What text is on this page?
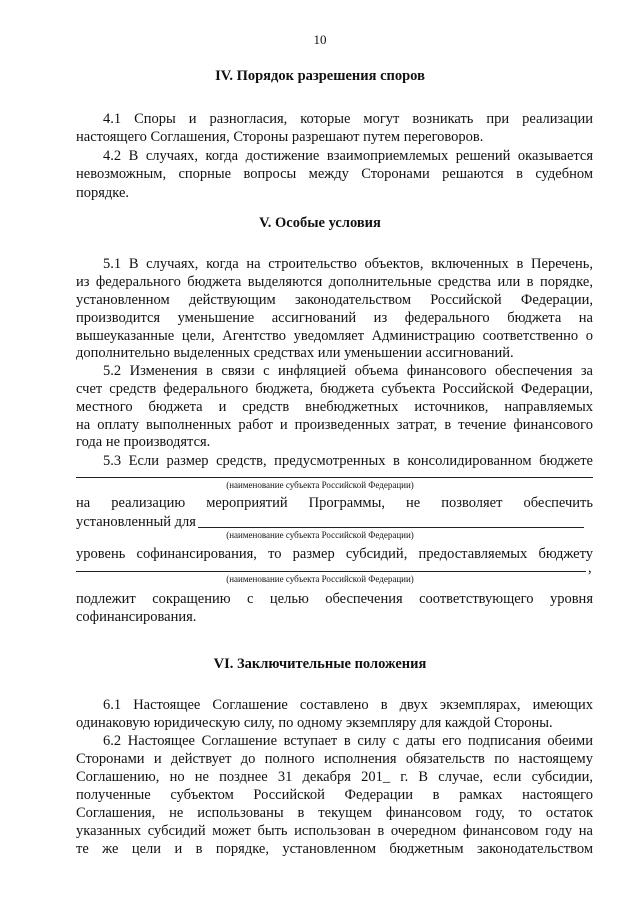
10
IV. Порядок разрешения споров
4.1 Споры и разногласия, которые могут возникать при реализации
настоящего Соглашения, Стороны разрешают путем переговоров.
4.2 В случаях, когда достижение взаимоприемлемых решений оказывается
невозможным, спорные вопросы между Сторонами решаются в судебном
порядке.
V. Особые условия
5.1 В случаях, когда на строительство объектов, включенных в Перечень,
из федерального бюджета выделяются дополнительные средства или в порядке,
установленном действующим законодательством Российской Федерации,
производится уменьшение ассигнований из федерального бюджета на
вышеуказанные цели, Агентство уведомляет Администрацию соответственно о
дополнительно выделенных средствах или уменьшении ассигнований.
5.2 Изменения в связи с инфляцией объема финансового обеспечения за
счет средств федерального бюджета, бюджета субъекта Российской Федерации,
местного бюджета и средств внебюджетных источников, направляемых
на оплату выполненных работ и произведенных затрат, в течение финансового
года не производятся.
5.3 Если размер средств, предусмотренных в консолидированном бюджете
(наименование субъекта Российской Федерации)
на реализацию мероприятий Программы, не позволяет обеспечить
установленный для
(наименование субъекта Российской Федерации)
уровень софинансирования, то размер субсидий, предоставляемых бюджету
,
(наименование субъекта Российской Федерации)
подлежит сокращению с целью обеспечения соответствующего уровня
софинансирования.
VI. Заключительные положения
6.1 Настоящее Соглашение составлено в двух экземплярах, имеющих
одинаковую юридическую силу, по одному экземпляру для каждой Стороны.
6.2 Настоящее Соглашение вступает в силу с даты его подписания обеими
Сторонами и действует до полного исполнения обязательств по настоящему
Соглашению, но не позднее 31 декабря 201_ г. В случае, если субсидии,
полученные субъектом Российской Федерации в рамках настоящего
Соглашения, не использованы в текущем финансовом году, то остаток
указанных субсидий может быть использован в очередном финансовом году на
те же цели и в порядке, установленном бюджетным законодательством
